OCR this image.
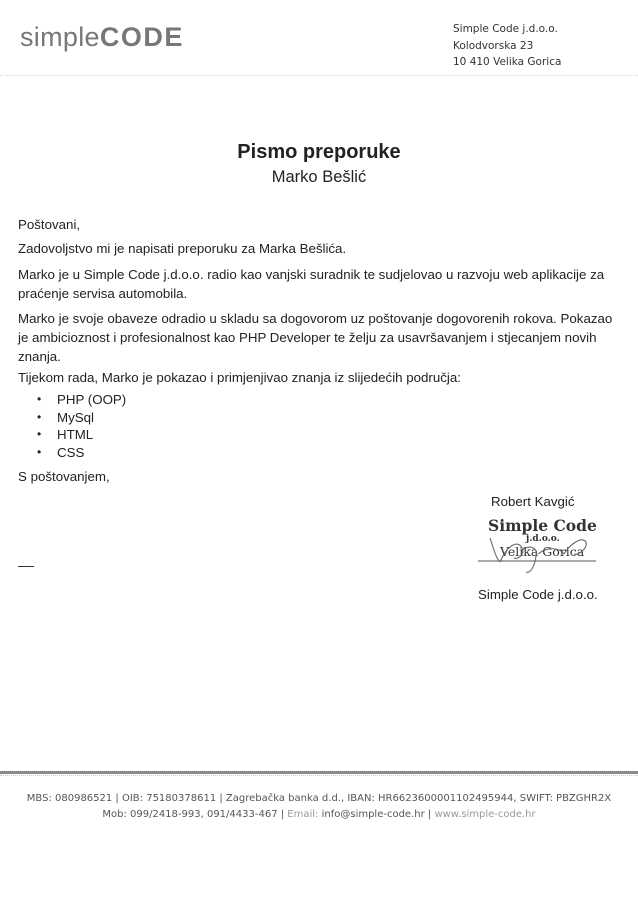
simpleCODE	Simple Code j.d.o.o.
Kolodvorska 23
10 410 Velika Gorica
Pismo preporuke
Marko Bešlić

Poštovani,

Zadovoljstvo mi je napisati preporuku za Marka Bešlića.

Marko je u Simple Code j.d.o.o. radio kao vanjski suradnik te sudjelovao u razvoju web aplikacije za praćenje servisa automobila.

Marko je svoje obaveze odradio u skladu sa dogovorom uz poštovanje dogovorenih rokova. Pokazao je ambicioznost i profesionalnost kao PHP Developer te želju za usavršavanjem i stjecanjem novih znanja.

Tijekom rada, Marko je pokazao i primjenjivao znanja iz slijedećih područja:

•	PHP (OOP)
•	MySql
•	HTML
•	CSS

S poštovanjem,

Robert Kavgić
Simple Code
j.d.o.o.
Velika Gorica
Simple Code j.d.o.o.
MBS: 080986521 | OIB: 75180378611 | Zagrebačka banka d.d., IBAN: HR6623600001102495944, SWIFT: PBZGHR2X
Mob: 099/2418-993, 091/4433-467 | Email: info@simple-code.hr | www.simple-code.hr
